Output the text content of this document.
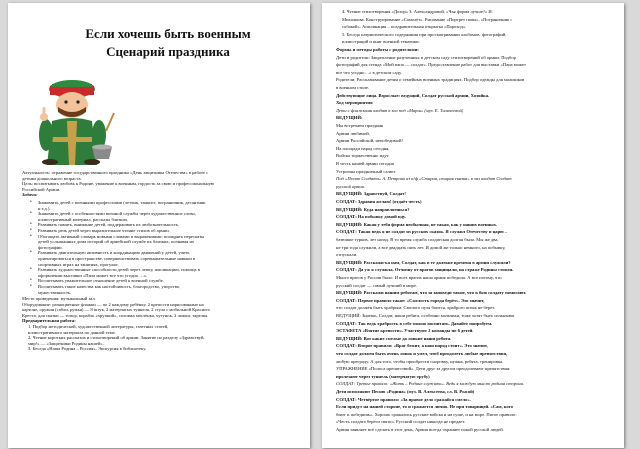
Если хочешь быть военным
Сценарий праздника
Актуальность: отражение государственного праздника «День защитника Отечества» в работе с
детьми дошкольного возраста.
Цель: воспитывать любовь к Родине, уважение к военным, гордость за свою и профессиональную
Российской Армии.
Задачи:
• Знакомить детей с военными профессиями (летчик, танкист, пограничник, десантник
и т.д.).
• Знакомить детей с особенностями военной службы через художественное слово,
иллюстративный материал, рассказы близких.
• Развивать память, внимание детей, поддерживать их любознательность.
• Развивать речь детей через выразительное чтение стихов об армии.
• Обогащать активный словарь новыми словами и выражениями; поощрять пересказы
детей услышанных дома историй об армейской службе их близких, познавая их
фотографии.
• Развивать двигательную активность и координацию движений у детей, учить
ориентироваться в пространстве, совершенствовать соревновательные навыки в
спортивных играх на занятиях, прогулке.
• Развивать художественные способности детей через лепку, аппликацию, помощь в
оформлении выставки «Папа может все что угодно …».
• Воспитывать уважительное отношение детей к военной службе.
• Воспитывать такие качества как настойчивость, благородство, упорство,
мужественность.
Место проведения: музыкальный зал.
Оборудование: разноцветные флажки — по 2 каждому ребёнку, 2 крепости нарисованные на
картоне, оружия (сабли, ружья) — 8 штук, 2 матерчатых туннеля, 2 стула с мобильной Красного
Креста, для сказки — топор, корабль «хрупкий», соломка маслёнка, чугунок, 2 ложки, тарелка.
Предварительная работа:
1. Подбор методической, художественной литературы, газетных статей,
иллюстративного материала по данной теме.
2. Чтение коротких рассказов и стихотворений об армии. Занятие по разделу «Здравствуй,
мир!» — «Защитники Родины нашей».
3. Беседа «Наша Родина – Россия». Экскурсия в библиотеку.
4. Чтение стихотворения «Дозор» З. Александровой, «Чья форма лучше?» И.
Михалкова. Конструирование «Самолёт». Рисование «Портрет папы», «Пограничник с
собакой». Аппликация – поздравительная открытка «Пароход».
5. Беседа патриотического содержания при просматривании альбомов, фотографий,
иллюстраций и книг военной тематики.
Формы и методы работы с родителями:
Дети и родители: Закрепление разученных в детском саду стихотворений об армии. Подбор
фотографий для стенда «Мой папа — солдат». Предоставление работ для выставки «Папа может
все что угодно…» в детском саду.
Родители: Рассказывание детям о семейных военных традициях. Подбор одежды для мальчиков
в военном стиле.
Действующие лица. Взрослые: ведущий, Солдат русской армии, Хозяйка.
Ход мероприятия
Дети с флажками входят в зал под «Марш» (муз. Е. Тиличеевой)
ВЕДУЩИЙ:
Мы встречаем праздник
Армии любимой,
Армии Российской, непобедимой!
На площади парад сегодня,
Войска торжественно идут.
В честь нашей армии сегодня
Устроены праздничный салют.
Под «Песню Солдата» А. Петрова из к/ф «Старая, старая сказка» в зал входит Солдат
русской армии.
ВЕДУЩИЙ: Здравствуй, Солдат!
СОЛДАТ: Здравия желаю! (отдаёт честь)
ВЕДУЩИЙ: Куда направляешься?
СОЛДАТ: На побывку домой иду.
ВЕДУЩИЙ: Какая у тебя форма необычная, не такая, как у наших военных.
СОЛДАТ: Такая ведь я не солдат из русских сказок. Я служил Отечеству и царю –
батюшке турков, лет назад. В то время служба солдатская долгая была. Мы же два,
не три года служили, а все двадцать пять лет. И домой же только немного, на побывку,
отпускали.
ВЕДУЩИЙ: Расскажи-ка нам, Солдат, как в те далекие времена в армии служили?
СОЛДАТ: Да уж я служила. Отчизну от врагов защищали, на страже Родины стояли.
Много врагов у России было. И всех врагов наша армия победила. А все потому, что
русский солдат — самый лучший в мире.
ВЕДУЩИЙ: Расскажи нашим ребятам, что за заповеди такие, что в бою солдату помогают.
СОЛДАТ: Первое правило такое: «Смелость города берёт». Это значит,
что солдат должен быть храбрым. Смелого пуля боится, храброго штык не берет.
ВЕДУЩИЙ: Знаешь, Солдат, наши ребята, особенно мальчики, тоже хотят быть сильными.
СОЛДАТ: Так ведь храбрость в себе можно воспитать. Давайте попробуем.
ЭСТАФЕТА «Взятие крепости». Участвуют 2 команды по 6 детей.
ВЕДУЩИЙ: Вот какие смелые да ловкие наши ребята.
СОЛДАТ: Второе правило: «Враг бежит, а наш народ стоит». Это значит,
что солдат должен быть очень ловок и умел, чтоб преодолеть любые препятствия,
любую преграду. А для того, чтобы приобрести сноровку, нужна, ребята, тренировка.
УПРАЖНЕНИЕ «Полоса препятствий». Дети друг за другом преодолевают препятствия:
пролезают через туннель (матерчатую трубу)
СОЛДАТ: Третье правило: «Жить – Родине служить». Ведь я каждую мыслю родная сторона.
Дети исполняют Песню «Родина» (муз. В. Алексеева, сл. В. Рысой)
СОЛДАТ: Четвёртое правило: «За правое дело сражайся смело».
Если придут на нашей стороне, то и сражается лично. Не при товарищей. «Сам, кого
бьют и победишь». Хорошо сражались русские войска и на суше, и на море. Пятое правило:
«Честь солдата береги свято». Русский солдат никогда не предает.
Армия заявляет всё сделать в этот день, Армия всегда охраняет покой русской людей.
